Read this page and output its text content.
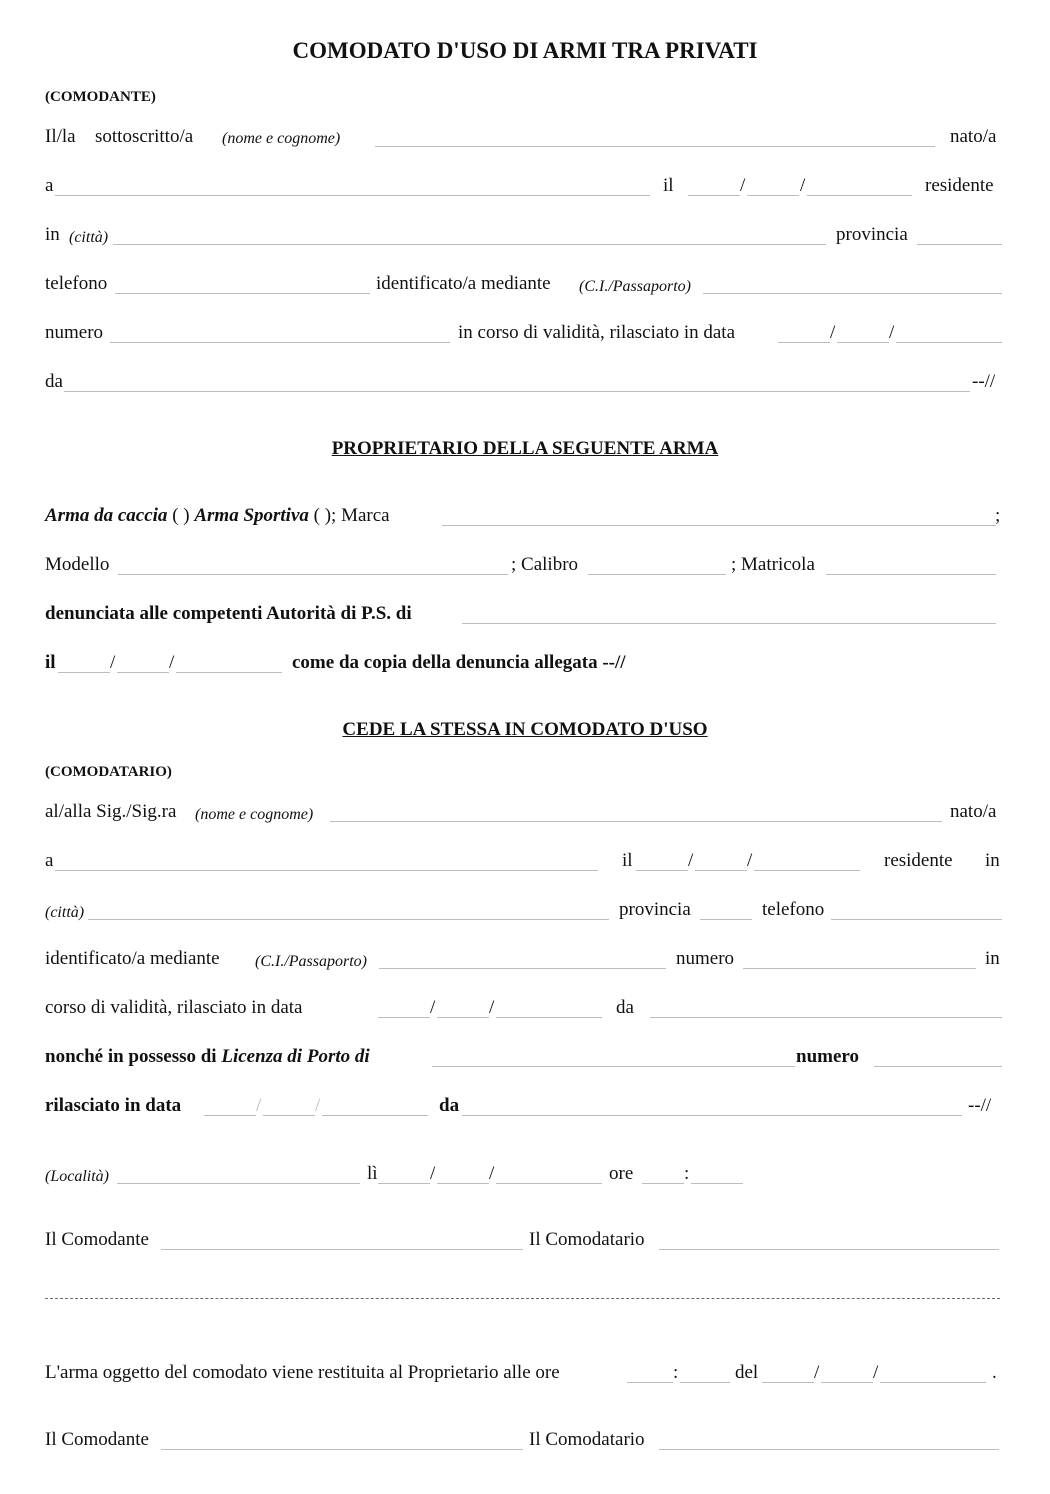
COMODATO D'USO DI ARMI TRA PRIVATI
(COMODANTE)
Il/la sottoscritto/a (nome e cognome)	nato/a
a	il	/	/	residente
in (città)	provincia
telefono	identificato/a mediante (C.I./Passaporto)
numero	in corso di validità, rilasciato in data	/	/
da	--//
PROPRIETARIO DELLA SEGUENTE ARMA
Arma da caccia ( ) Arma Sportiva ( ); Marca	;
Modello	; Calibro	; Matricola
denunciata alle competenti Autorità di P.S. di
il	/	/	come da copia della denuncia allegata --//
CEDE LA STESSA IN COMODATO D'USO
(COMODATARIO)
al/alla Sig./Sig.ra (nome e cognome)	nato/a
a	il	/	/	residente in
(città)	provincia	telefono
identificato/a mediante (C.I./Passaporto)	numero	in
corso di validità, rilasciato in data	/	/	da
nonché in possesso di Licenza di Porto di	numero
rilasciato in data	/	/	da	--//
(Località)	lì	/	/	ore	:
Il Comodante	Il Comodatario
L'arma oggetto del comodato viene restituita al Proprietario alle ore	:	del	/	/	.
Il Comodante	Il Comodatario
